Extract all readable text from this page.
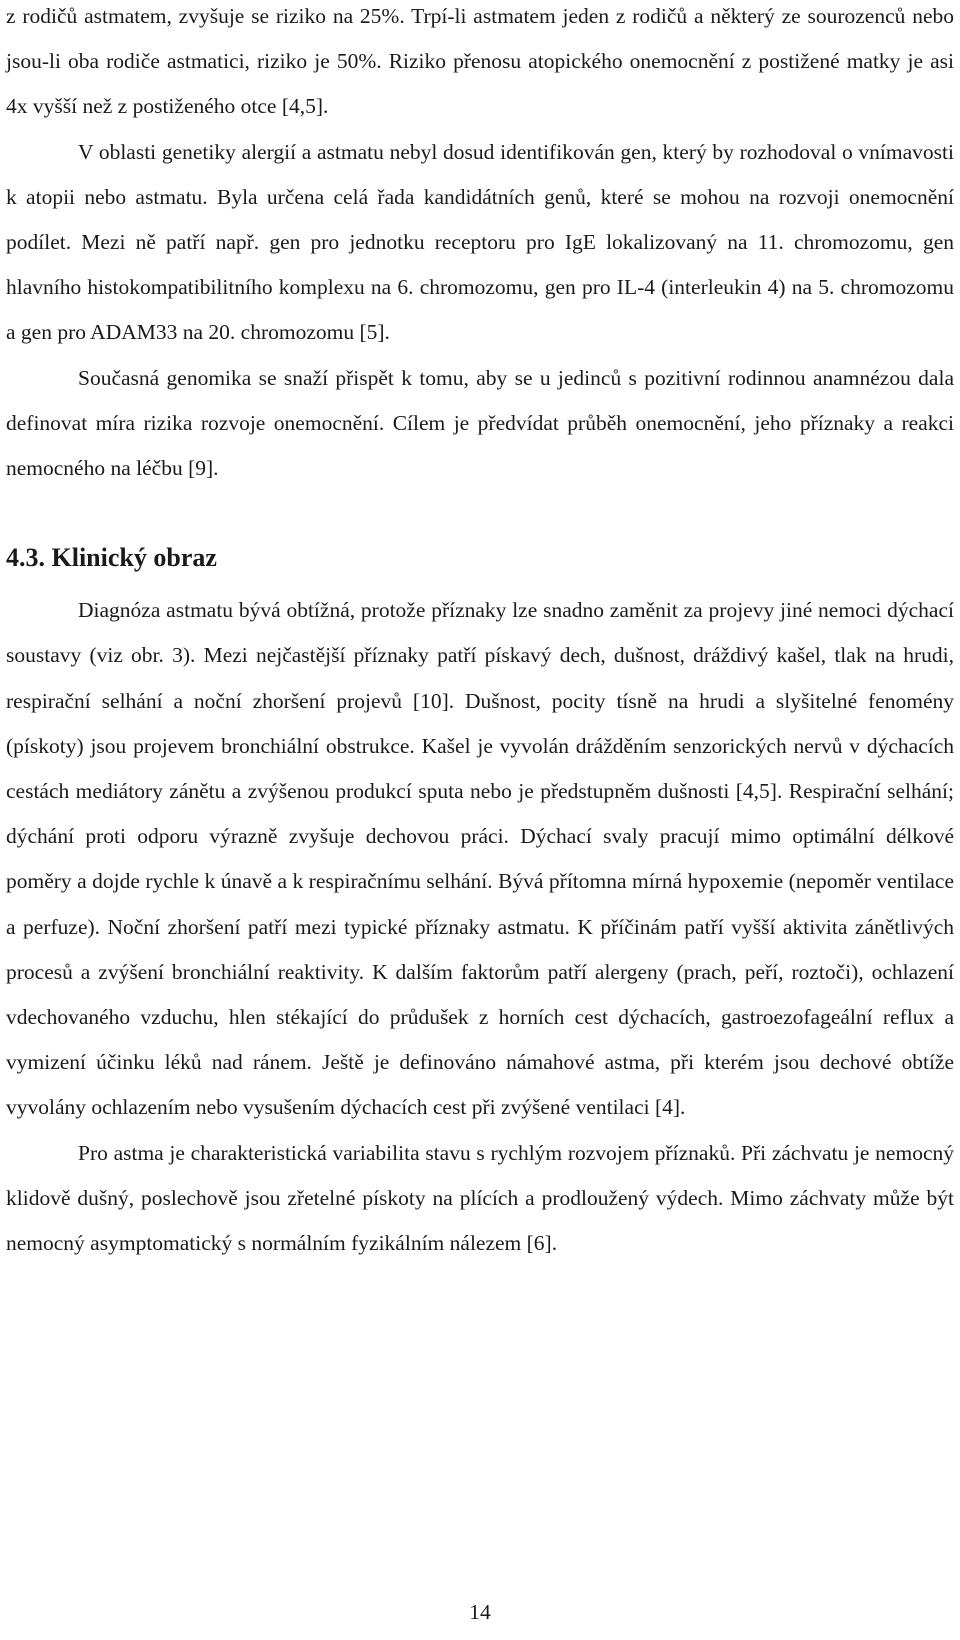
z rodičů astmatem, zvyšuje se riziko na 25%. Trpí-li astmatem jeden z rodičů a některý ze sourozenců nebo jsou-li oba rodiče astmatici, riziko je 50%. Riziko přenosu atopického onemocnění z postižené matky je asi 4x vyšší než z postiženého otce [4,5].

V oblasti genetiky alergií a astmatu nebyl dosud identifikován gen, který by rozhodoval o vnímavosti k atopii nebo astmatu. Byla určena celá řada kandidátních genů, které se mohou na rozvoji onemocnění podílet. Mezi ně patří např. gen pro jednotku receptoru pro IgE lokalizovaný na 11. chromozomu, gen hlavního histokompatibilitního komplexu na 6. chromozomu, gen pro IL-4 (interleukin 4) na 5. chromozomu a gen pro ADAM33 na 20. chromozomu [5].

Současná genomika se snaží přispět k tomu, aby se u jedinců s pozitivní rodinnou anamnézou dala definovat míra rizika rozvoje onemocnění. Cílem je předvídat průběh onemocnění, jeho příznaky a reakci nemocného na léčbu [9].

4.3. Klinický obraz

Diagnóza astmatu bývá obtížná, protože příznaky lze snadno zaměnit za projevy jiné nemoci dýchací soustavy (viz obr. 3). Mezi nejčastější příznaky patří pískavý dech, dušnost, dráždivý kašel, tlak na hrudi, respirační selhání a noční zhoršení projevů [10]. Dušnost, pocity tísně na hrudi a slyšitelné fenomény (pískoty) jsou projevem bronchiální obstrukce. Kašel je vyvolán drážděním senzorických nervů v dýchacích cestách mediátory zánětu a zvýšenou produkcí sputa nebo je předstupněm dušnosti [4,5]. Respirační selhání; dýchání proti odporu výrazně zvyšuje dechovou práci. Dýchací svaly pracují mimo optimální délkové poměry a dojde rychle k únavě a k respiračnímu selhání. Bývá přítomna mírná hypoxemie (nepoměr ventilace a perfuze). Noční zhoršení patří mezi typické příznaky astmatu. K příčinám patří vyšší aktivita zánětlivých procesů a zvýšení bronchiální reaktivity. K dalším faktorům patří alergeny (prach, peří, roztoči), ochlazení vdechovaného vzduchu, hlen stékající do průdušek z horních cest dýchacích, gastroezofageální reflux a vymizení účinku léků nad ránem. Ještě je definováno námahové astma, při kterém jsou dechové obtíže vyvolány ochlazením nebo vysušením dýchacích cest při zvýšené ventilaci [4].

Pro astma je charakteristická variabilita stavu s rychlým rozvojem příznaků. Při záchvatu je nemocný klidově dušný, poslechově jsou zřetelné pískoty na plících a prodloužený výdech. Mimo záchvaty může být nemocný asymptomatický s normálním fyzikálním nálezem [6].

14
